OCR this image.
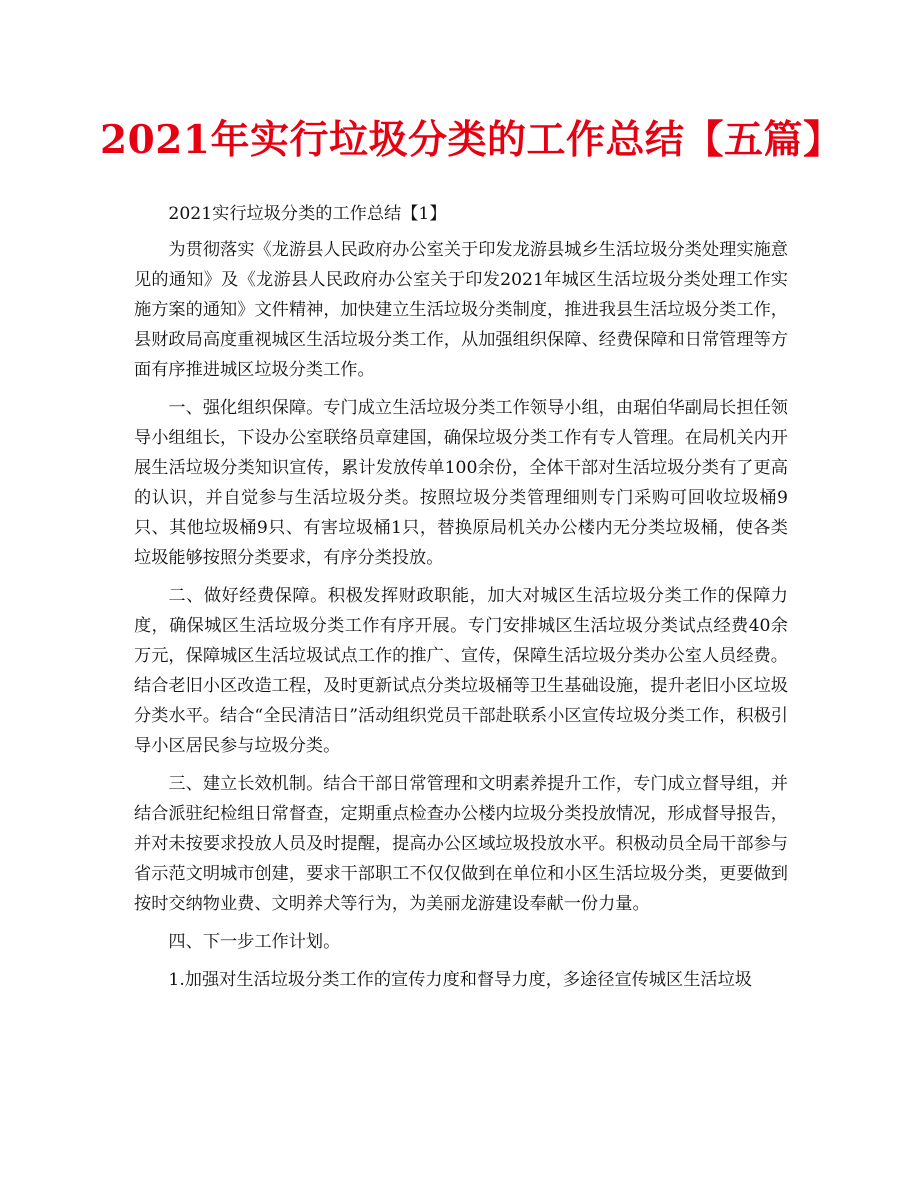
2021年实行垃圾分类的工作总结【五篇】

2021实行垃圾分类的工作总结【1】

为贯彻落实《龙游县人民政府办公室关于印发龙游县城乡生活垃圾分类处理实施意见的通知》及《龙游县人民政府办公室关于印发2021年城区生活垃圾分类处理工作实施方案的通知》文件精神，加快建立生活垃圾分类制度，推进我县生活垃圾分类工作，县财政局高度重视城区生活垃圾分类工作，从加强组织保障、经费保障和日常管理等方面有序推进城区垃圾分类工作。

一、强化组织保障。专门成立生活垃圾分类工作领导小组，由琚伯华副局长担任领导小组组长，下设办公室联络员章建国，确保垃圾分类工作有专人管理。在局机关内开展生活垃圾分类知识宣传，累计发放传单100余份，全体干部对生活垃圾分类有了更高的认识，并自觉参与生活垃圾分类。按照垃圾分类管理细则专门采购可回收垃圾桶9只、其他垃圾桶9只、有害垃圾桶1只，替换原局机关办公楼内无分类垃圾桶，使各类垃圾能够按照分类要求，有序分类投放。

二、做好经费保障。积极发挥财政职能，加大对城区生活垃圾分类工作的保障力度，确保城区生活垃圾分类工作有序开展。专门安排城区生活垃圾分类试点经费40余万元，保障城区生活垃圾试点工作的推广、宣传，保障生活垃圾分类办公室人员经费。结合老旧小区改造工程，及时更新试点分类垃圾桶等卫生基础设施，提升老旧小区垃圾分类水平。结合“全民清洁日”活动组织党员干部赴联系小区宣传垃圾分类工作，积极引导小区居民参与垃圾分类。

三、建立长效机制。结合干部日常管理和文明素养提升工作，专门成立督导组，并结合派驻纪检组日常督查，定期重点检查办公楼内垃圾分类投放情况，形成督导报告，并对未按要求投放人员及时提醒，提高办公区域垃圾投放水平。积极动员全局干部参与省示范文明城市创建，要求干部职工不仅仅做到在单位和小区生活垃圾分类，更要做到按时交纳物业费、文明养犬等行为，为美丽龙游建设奉献一份力量。

四、下一步工作计划。

1.加强对生活垃圾分类工作的宣传力度和督导力度，多途径宣传城区生活垃圾
